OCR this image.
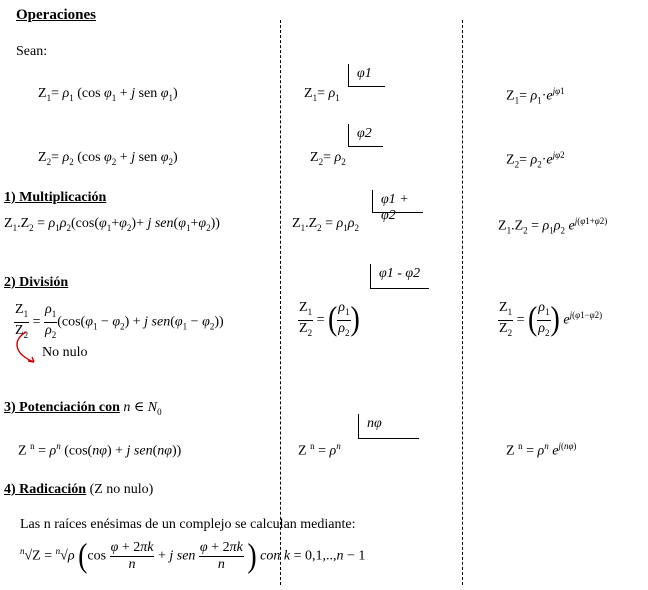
Operaciones
Sean:
$Z_1= \rho_1$ (cos $\varphi_1 + j$ sen $\varphi_1$)	$Z_1= \rho_1$
φ1
$Z_1= \rho_1\cdot e^{j\varphi 1}$
$Z_2= \rho_2$ (cos $\varphi_2 + j$ sen $\varphi_2$)	$Z_2= \rho_2$
φ2
$Z_2= \rho_2\cdot e^{j\varphi 2}$
1) Multiplicación
$Z_1.Z_2 = \rho_1\rho_2(\cos(\varphi_1+\varphi_2)+ j$ $sen(\varphi_1+\varphi_2)$)	$Z_1.Z_2 = \rho_1\rho_2$
φ1 + φ2
$Z_1.Z_2 = \rho_1\rho_2$ $e^{j(\varphi 1+\varphi 2)}$
2) División
$\frac{Z_1}{Z_2} = \frac{\rho_1}{\rho_2} (\cos(\varphi_1 - \varphi_2) + j$ $sen(\varphi_1 - \varphi_2)$)
No nulo
$\frac{Z_1}{Z_2}$ = ( $\frac{\rho_1}{\rho_2}$ )
φ1 - φ2
$\frac{Z_1}{Z_2}$ = ( $\frac{\rho_1}{\rho_2}$ ) $e^{j(\varphi 1-\varphi 2)}$
3) Potenciación con n ∈ $N_0$
Z $^n = \rho^n$ (cos(nφ) + j sen(nφ))	Z $^n = \rho^n$
nφ
Z $^n = \rho^n$ $e^{j(n\varphi)}$
4) Radicación (Z no nulo)
Las n raíces enésimas de un complejo se calculan mediante:
$^n$√Z = $^n$√ρ ($\cos \frac{\varphi + 2\pi k}{n} + j$ sen $\frac{\varphi + 2\pi k}{n}$ ) con k = 0,1,..,n − 1
